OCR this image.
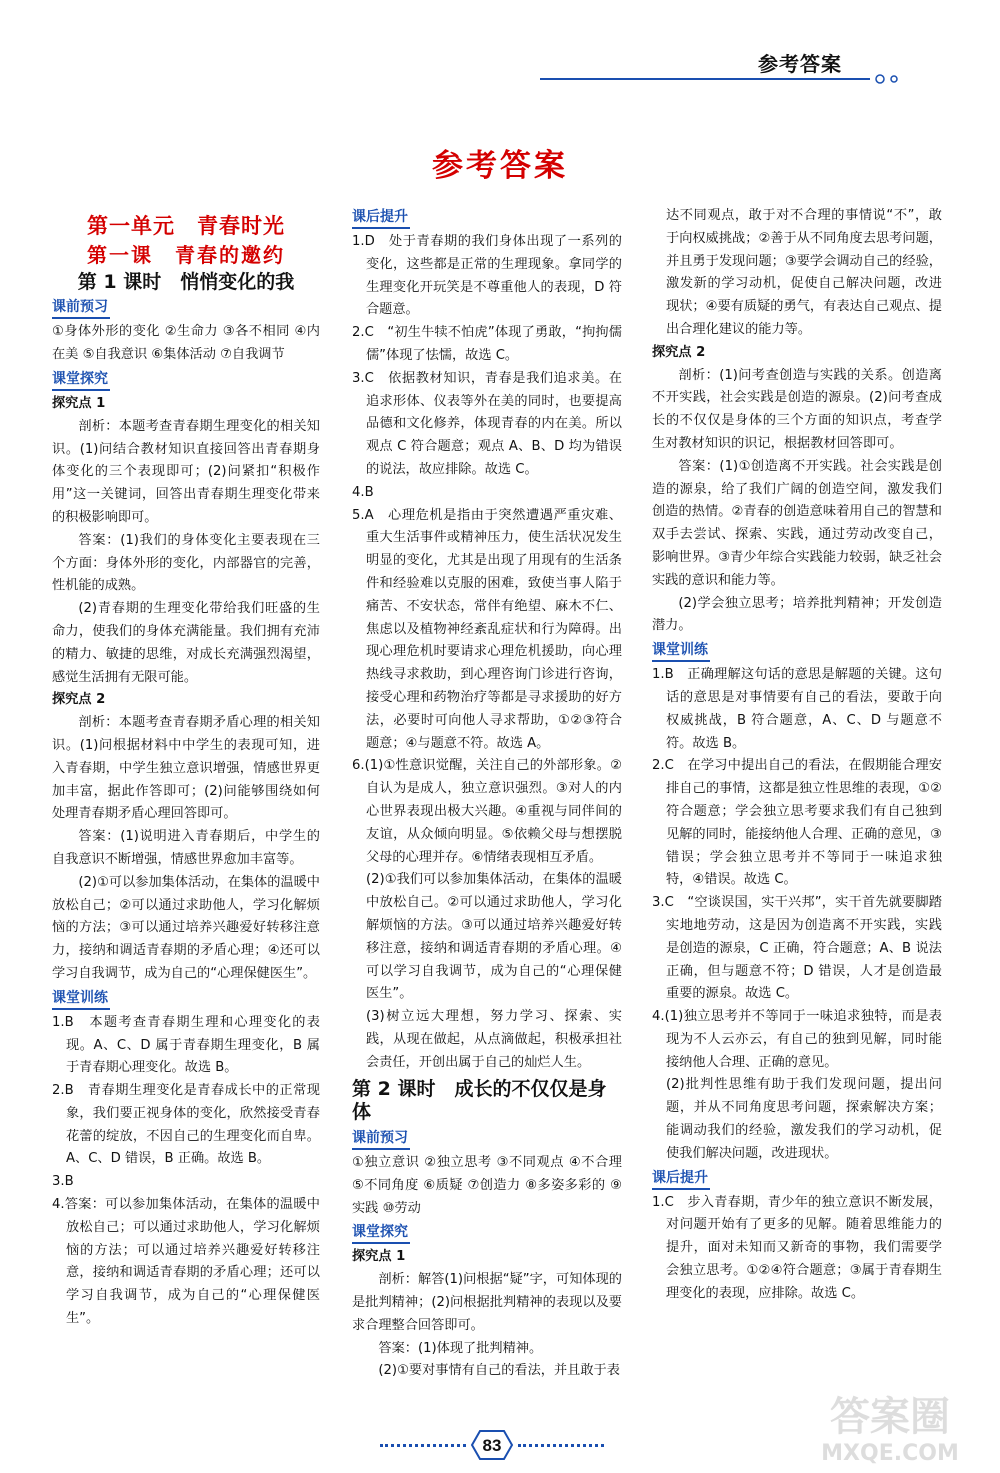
参考答案
参考答案
第一单元　青春时光
第一课　青春的邀约
第 1 课时　悄悄变化的我
课前预习

①身体外形的变化 ②生命力 ③各不相同 ④内在美 ⑤自我意识 ⑥集体活动 ⑦自我调节

课堂探究

探究点 1

剖析：本题考查青春期生理变化的相关知识。(1)问结合教材知识直接回答出青春期身体变化的三个表现即可；(2)问紧扣“积极作用”这一关键词，回答出青春期生理变化带来的积极影响即可。

答案：(1)我们的身体变化主要表现在三个方面：身体外形的变化，内部器官的完善，性机能的成熟。

(2)青春期的生理变化带给我们旺盛的生命力，使我们的身体充满能量。我们拥有充沛的精力、敏捷的思维，对成长充满强烈渴望，感觉生活拥有无限可能。

探究点 2

剖析：本题考查青春期矛盾心理的相关知识。(1)问根据材料中中学生的表现可知，进入青春期，中学生独立意识增强，情感世界更加丰富，据此作答即可；(2)问能够围绕如何处理青春期矛盾心理回答即可。

答案：(1)说明进入青春期后，中学生的自我意识不断增强，情感世界愈加丰富等。

(2)①可以参加集体活动，在集体的温暖中放松自己；②可以通过求助他人，学习化解烦恼的方法；③可以通过培养兴趣爱好转移注意力，接纳和调适青春期的矛盾心理；④还可以学习自我调节，成为自己的“心理保健医生”。

课堂训练

1.B　本题考查青春期生理和心理变化的表现。A、C、D 属于青春期生理变化，B 属于青春期心理变化。故选 B。

2.B　青春期生理变化是青春成长中的正常现象，我们要正视身体的变化，欣然接受青春花蕾的绽放，不因自己的生理变化而自卑。A、C、D 错误，B 正确。故选 B。

3.B

4.答案：可以参加集体活动，在集体的温暖中放松自己；可以通过求助他人，学习化解烦恼的方法；可以通过培养兴趣爱好转移注意，接纳和调适青春期的矛盾心理；还可以学习自我调节，成为自己的“心理保健医生”。

课后提升

1.D　处于青春期的我们身体出现了一系列的变化，这些都是正常的生理现象。拿同学的生理变化开玩笑是不尊重他人的表现，D 符合题意。

2.C　“初生牛犊不怕虎”体现了勇敢，“拘拘儒儒”体现了怯懦，故选 C。

3.C　依据教材知识，青春是我们追求美。在追求形体、仪表等外在美的同时，也要提高品德和文化修养，体现青春的内在美。所以观点 C 符合题意；观点 A、B、D 均为错误的说法，故应排除。故选 C。

4.B

5.A　心理危机是指由于突然遭遇严重灾难、重大生活事件或精神压力，使生活状况发生明显的变化，尤其是出现了用现有的生活条件和经验难以克服的困难，致使当事人陷于痛苦、不安状态，常伴有绝望、麻木不仁、焦虑以及植物神经紊乱症状和行为障碍。出现心理危机时要请求心理危机援助，向心理热线寻求救助，到心理咨询门诊进行咨询，接受心理和药物治疗等都是寻求援助的好方法，必要时可向他人寻求帮助，①②③符合题意；④与题意不符。故选 A。

6.(1)①性意识觉醒，关注自己的外部形象。②自认为是成人，独立意识强烈。③对人的内心世界表现出极大兴趣。④重视与同伴间的友谊，从众倾向明显。⑤依赖父母与想摆脱父母的心理并存。⑥情绪表现相互矛盾。

(2)①我们可以参加集体活动，在集体的温暖中放松自己。②可以通过求助他人，学习化解烦恼的方法。③可以通过培养兴趣爱好转移注意，接纳和调适青春期的矛盾心理。④可以学习自我调节，成为自己的“心理保健医生”。

(3)树立远大理想，努力学习、探索、实践，从现在做起，从点滴做起，积极承担社会责任，开创出属于自己的灿烂人生。

第 2 课时　成长的不仅仅是身体
课前预习

①独立意识 ②独立思考 ③不同观点 ④不合理 ⑤不同角度 ⑥质疑 ⑦创造力 ⑧多姿多彩的 ⑨实践 ⑩劳动

课堂探究

探究点 1

剖析：解答(1)问根据“疑”字，可知体现的是批判精神；(2)问根据批判精神的表现以及要求合理整合回答即可。

答案：(1)体现了批判精神。

(2)①要对事情有自己的看法，并且敢于表

达不同观点，敢于对不合理的事情说“不”，敢于向权威挑战；②善于从不同角度去思考问题，并且勇于发现问题；③要学会调动自己的经验，激发新的学习动机，促使自己解决问题，改进现状；④要有质疑的勇气，有表达自己观点、提出合理化建议的能力等。

探究点 2

剖析：(1)问考查创造与实践的关系。创造离不开实践，社会实践是创造的源泉。(2)问考查成长的不仅仅是身体的三个方面的知识点，考查学生对教材知识的识记，根据教材回答即可。

答案：(1)①创造离不开实践。社会实践是创造的源泉，给了我们广阔的创造空间，激发我们创造的热情。②青春的创造意味着用自己的智慧和双手去尝试、探索、实践，通过劳动改变自己，影响世界。③青少年综合实践能力较弱，缺乏社会实践的意识和能力等。

(2)学会独立思考；培养批判精神；开发创造潜力。

课堂训练

1.B　正确理解这句话的意思是解题的关键。这句话的意思是对事情要有自己的看法，要敢于向权威挑战，B 符合题意，A、C、D 与题意不符。故选 B。

2.C　在学习中提出自己的看法，在假期能合理安排自己的事情，这都是独立性思维的表现，①②符合题意；学会独立思考要求我们有自己独到见解的同时，能接纳他人合理、正确的意见，③错误；学会独立思考并不等同于一味追求独特，④错误。故选 C。

3.C　“空谈误国，实干兴邦”，实干首先就要脚踏实地地劳动，这是因为创造离不开实践，实践是创造的源泉，C 正确，符合题意；A、B 说法正确，但与题意不符；D 错误，人才是创造最重要的源泉。故选 C。

4.(1)独立思考并不等同于一味追求独特，而是表现为不人云亦云，有自己的独到见解，同时能接纳他人合理、正确的意见。

(2)批判性思维有助于我们发现问题，提出问题，并从不同角度思考问题，探索解决方案；能调动我们的经验，激发我们的学习动机，促使我们解决问题，改进现状。

课后提升

1.C　步入青春期，青少年的独立意识不断发展，对问题开始有了更多的见解。随着思维能力的提升，面对未知而又新奇的事物，我们需要学会独立思考。①②④符合题意；③属于青春期生理变化的表现，应排除。故选 C。

83
答案圈
MXQE.COM
